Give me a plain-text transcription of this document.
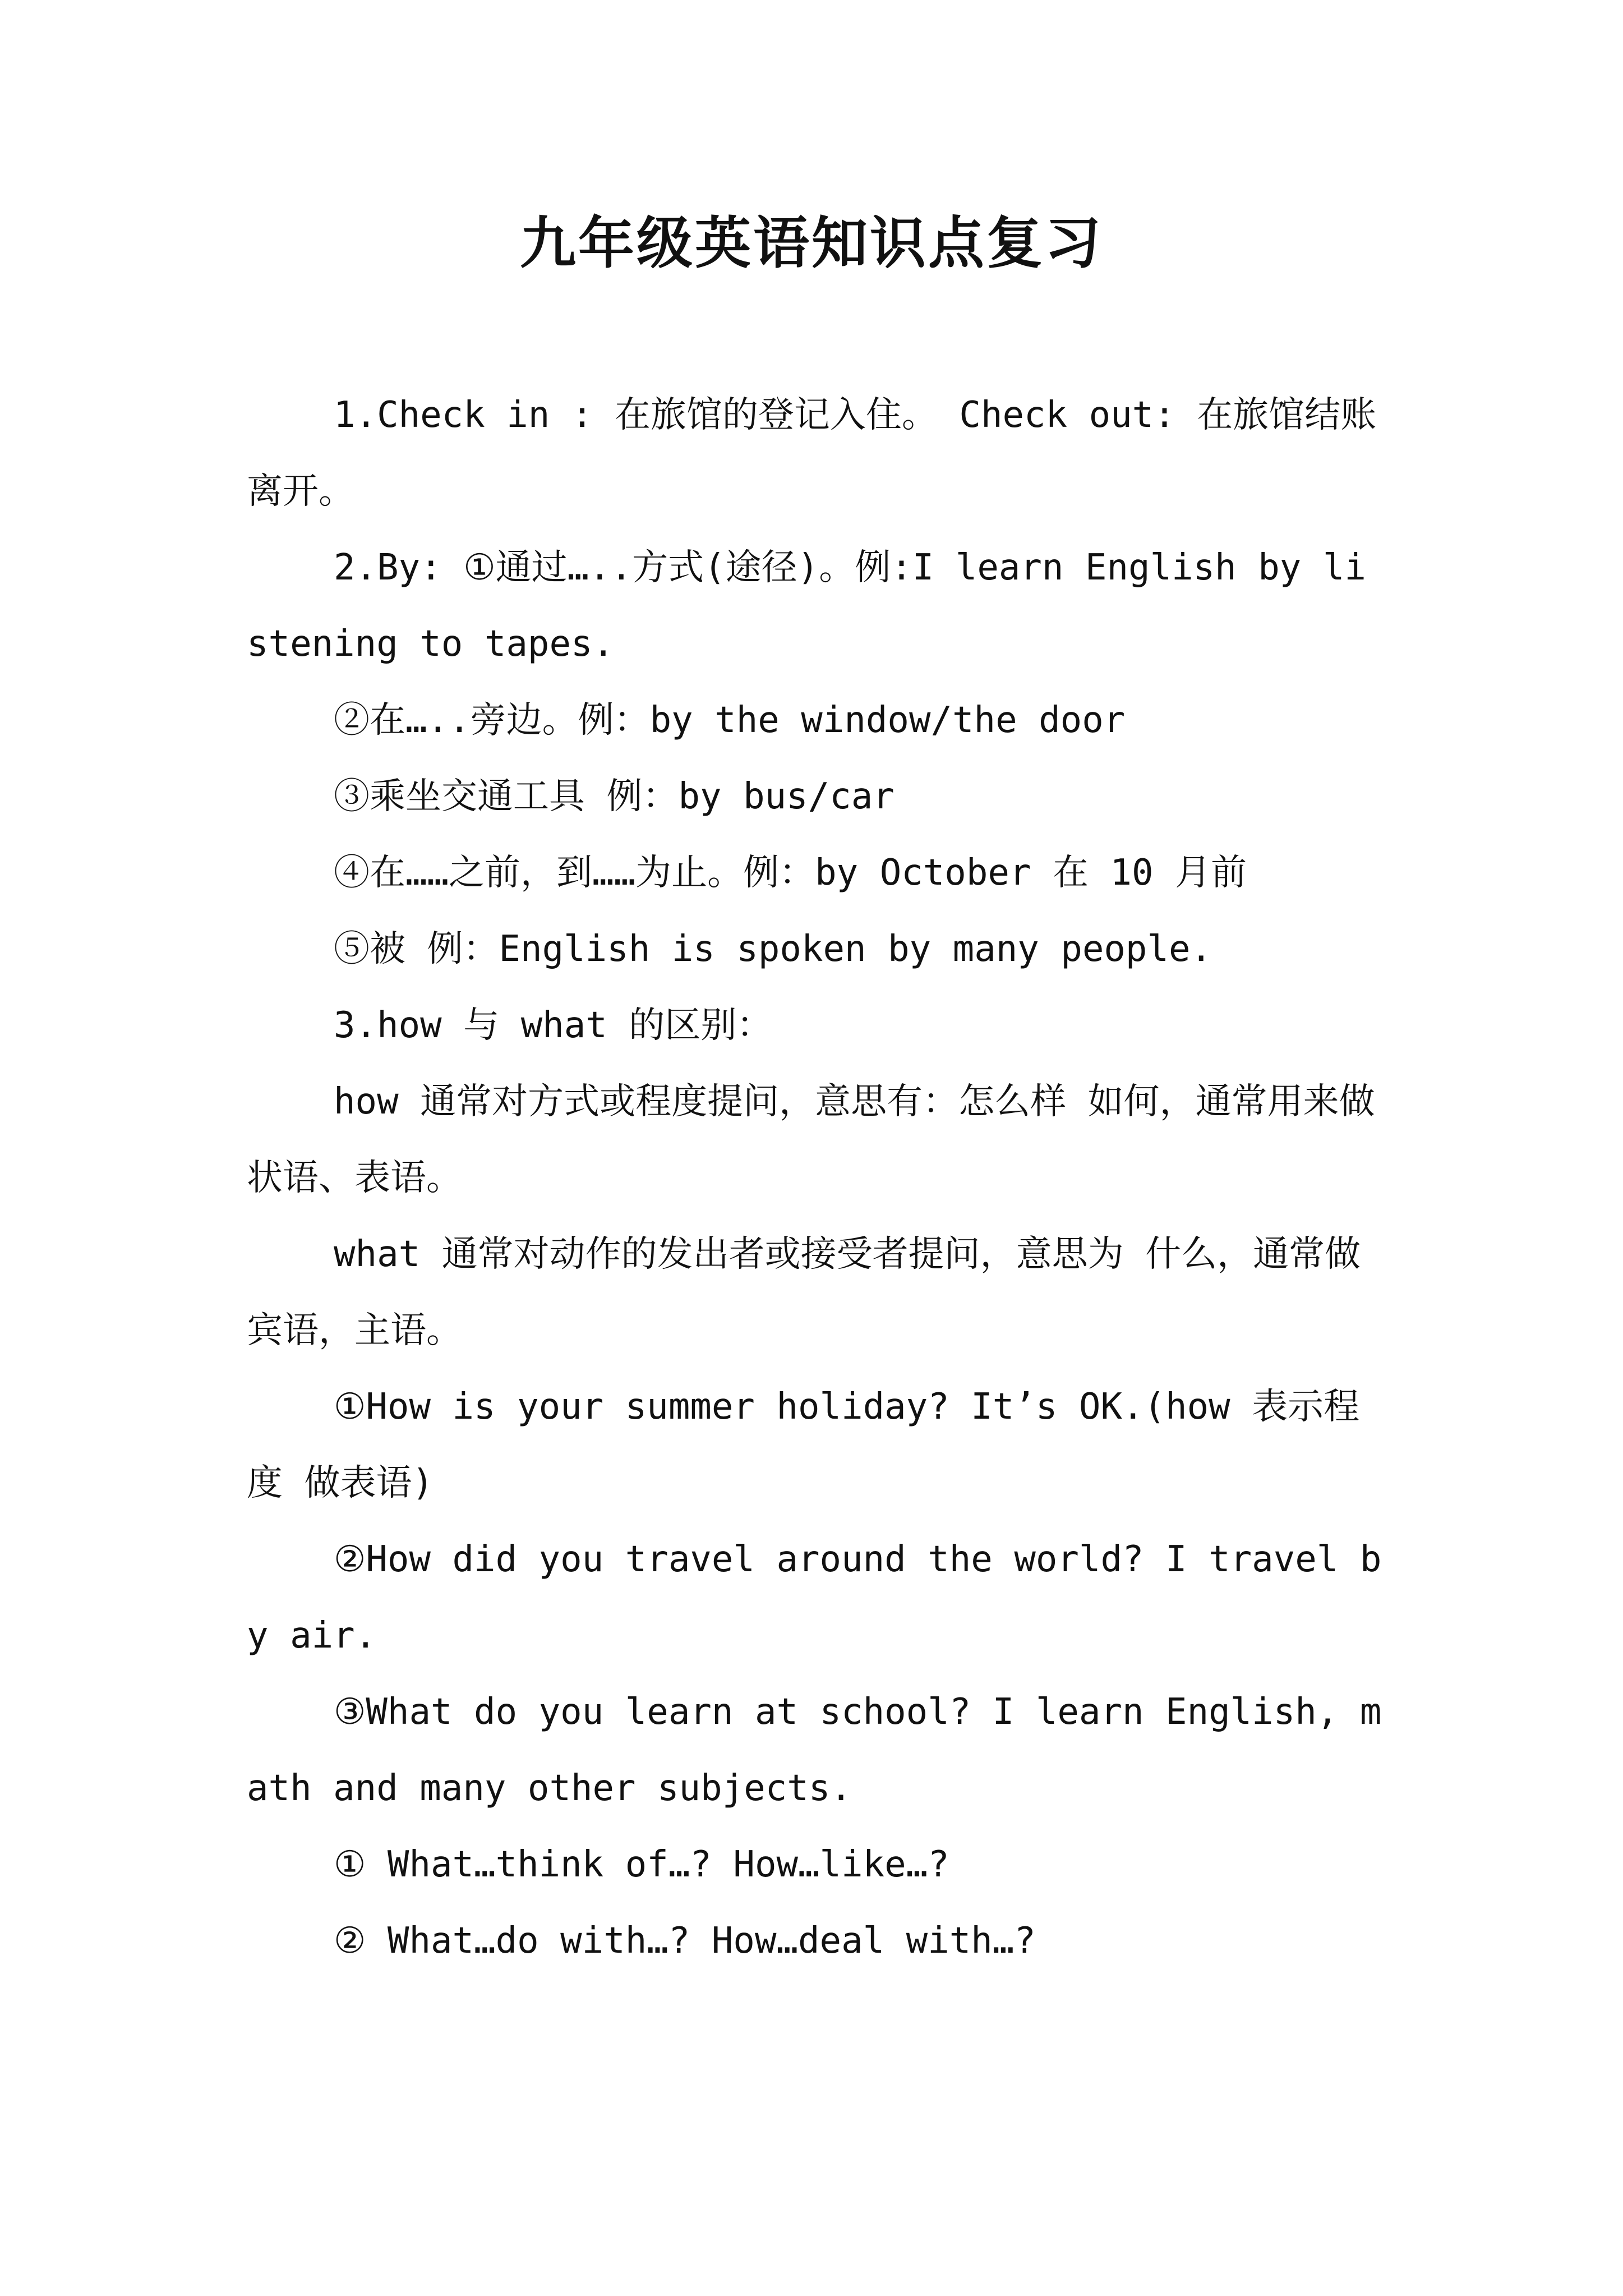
九年级英语知识点复习

1.Check in : 在旅馆的登记入住。 Check out: 在旅馆结账离开。

2.By: ①通过…..方式(途径)。例:I learn English by listening to tapes.

②在…..旁边。例：by the window/the door

③乘坐交通工具 例：by bus/car

④在……之前，到……为止。例：by October 在 10 月前

⑤被 例：English is spoken by many people.

3.how 与 what 的区别：

how 通常对方式或程度提问，意思有：怎么样 如何，通常用来做状语、表语。

what 通常对动作的发出者或接受者提问，意思为 什么，通常做宾语，主语。

①How is your summer holiday? It’s OK.(how 表示程度 做表语)

②How did you travel around the world? I travel by air.

③What do you learn at school? I learn English, math and many other subjects.

① What…think of…? How…like…?

② What…do with…? How…deal with…?
